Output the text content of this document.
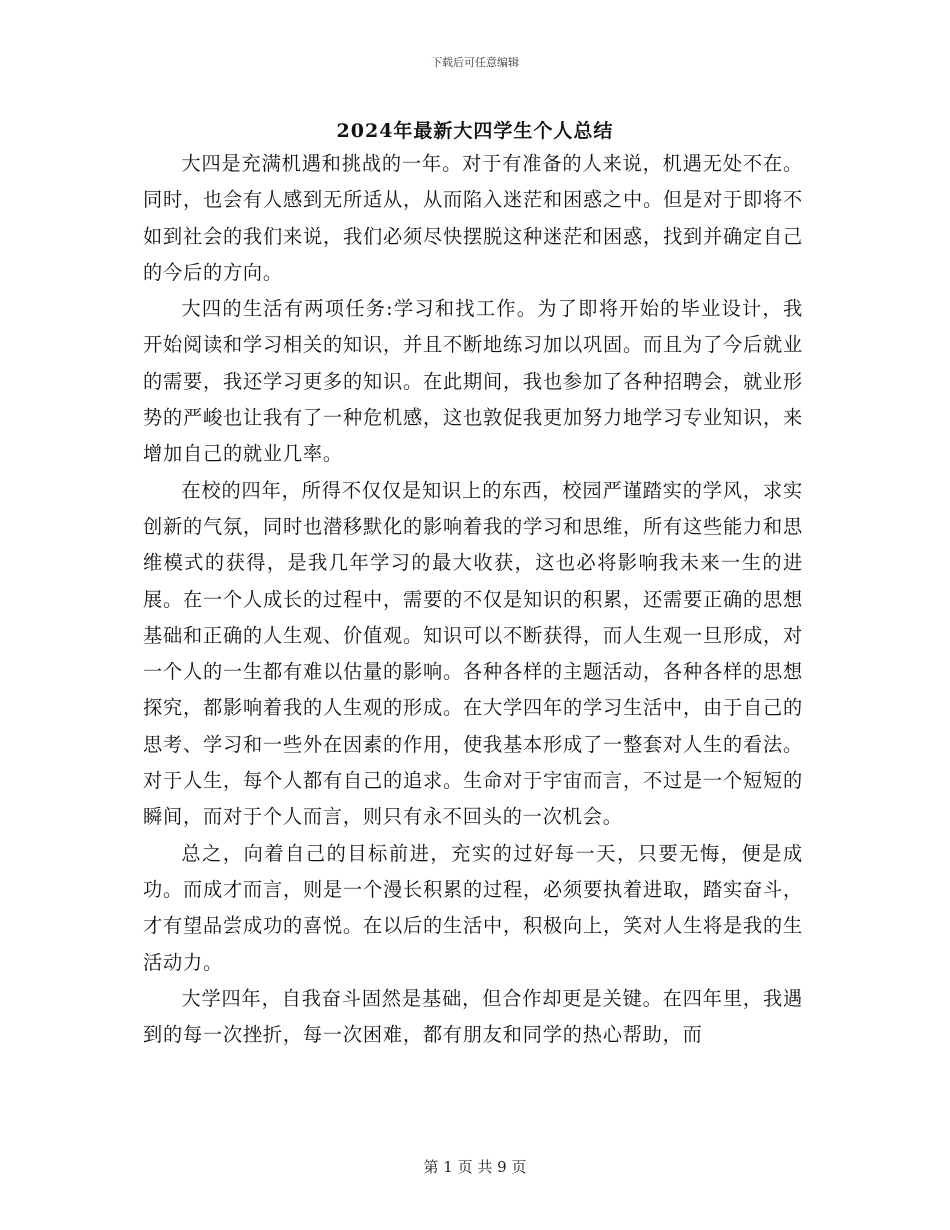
下载后可任意编辑
2024年最新大四学生个人总结

大四是充满机遇和挑战的一年。对于有准备的人来说，机遇无处不在。同时，也会有人感到无所适从，从而陷入迷茫和困惑之中。但是对于即将不如到社会的我们来说，我们必须尽快摆脱这种迷茫和困惑，找到并确定自己的今后的方向。

大四的生活有两项任务:学习和找工作。为了即将开始的毕业设计，我开始阅读和学习相关的知识，并且不断地练习加以巩固。而且为了今后就业的需要，我还学习更多的知识。在此期间，我也参加了各种招聘会，就业形势的严峻也让我有了一种危机感，这也敦促我更加努力地学习专业知识，来增加自己的就业几率。

在校的四年，所得不仅仅是知识上的东西，校园严谨踏实的学风，求实创新的气氛，同时也潜移默化的影响着我的学习和思维，所有这些能力和思维模式的获得，是我几年学习的最大收获，这也必将影响我未来一生的进展。在一个人成长的过程中，需要的不仅是知识的积累，还需要正确的思想基础和正确的人生观、价值观。知识可以不断获得，而人生观一旦形成，对一个人的一生都有难以估量的影响。各种各样的主题活动，各种各样的思想探究，都影响着我的人生观的形成。在大学四年的学习生活中，由于自己的思考、学习和一些外在因素的作用，使我基本形成了一整套对人生的看法。对于人生，每个人都有自己的追求。生命对于宇宙而言，不过是一个短短的瞬间，而对于个人而言，则只有永不回头的一次机会。

总之，向着自己的目标前进，充实的过好每一天，只要无悔，便是成功。而成才而言，则是一个漫长积累的过程，必须要执着进取，踏实奋斗，才有望品尝成功的喜悦。在以后的生活中，积极向上，笑对人生将是我的生活动力。

大学四年，自我奋斗固然是基础，但合作却更是关键。在四年里，我遇到的每一次挫折，每一次困难，都有朋友和同学的热心帮助，而

第 1 页 共 9 页
